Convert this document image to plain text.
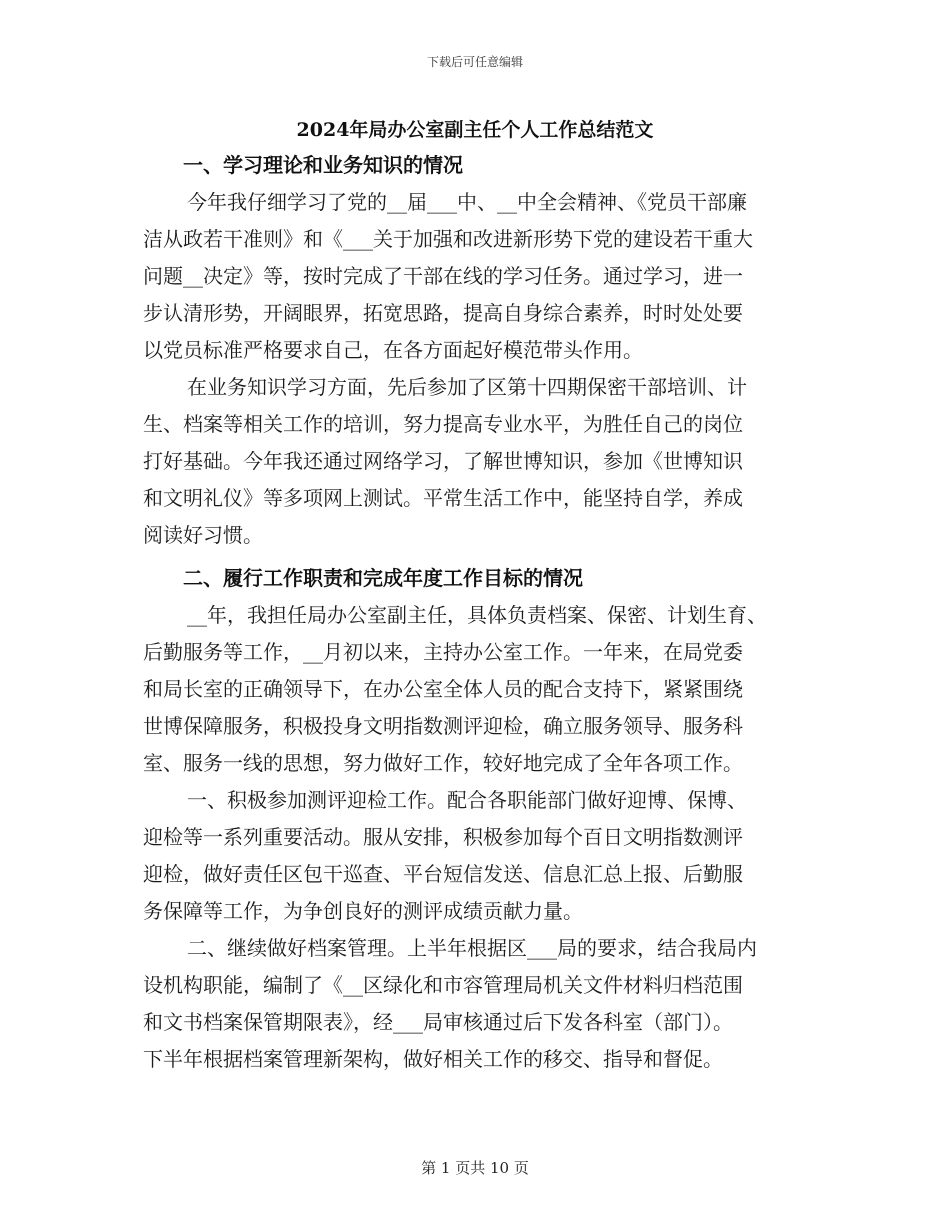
下载后可任意编辑
2024年局办公室副主任个人工作总结范文
一、学习理论和业务知识的情况
今年我仔细学习了党的__届___中、__中全会精神、《党员干部廉
洁从政若干准则》和《___关于加强和改进新形势下党的建设若干重大
问题__决定》等，按时完成了干部在线的学习任务。通过学习，进一
步认清形势，开阔眼界，拓宽思路，提高自身综合素养，时时处处要
以党员标准严格要求自己，在各方面起好模范带头作用。
在业务知识学习方面，先后参加了区第十四期保密干部培训、计
生、档案等相关工作的培训，努力提高专业水平，为胜任自己的岗位
打好基础。今年我还通过网络学习，了解世博知识，参加《世博知识
和文明礼仪》等多项网上测试。平常生活工作中，能坚持自学，养成
阅读好习惯。
二、履行工作职责和完成年度工作目标的情况
__年，我担任局办公室副主任，具体负责档案、保密、计划生育、
后勤服务等工作，__月初以来，主持办公室工作。一年来，在局党委
和局长室的正确领导下，在办公室全体人员的配合支持下，紧紧围绕
世博保障服务，积极投身文明指数测评迎检，确立服务领导、服务科
室、服务一线的思想，努力做好工作，较好地完成了全年各项工作。
一、积极参加测评迎检工作。配合各职能部门做好迎博、保博、
迎检等一系列重要活动。服从安排，积极参加每个百日文明指数测评
迎检，做好责任区包干巡查、平台短信发送、信息汇总上报、后勤服
务保障等工作，为争创良好的测评成绩贡献力量。
二、继续做好档案管理。上半年根据区___局的要求，结合我局内
设机构职能，编制了《__区绿化和市容管理局机关文件材料归档范围
和文书档案保管期限表》，经___局审核通过后下发各科室（部门）。
下半年根据档案管理新架构，做好相关工作的移交、指导和督促。
第 1 页共 10 页
